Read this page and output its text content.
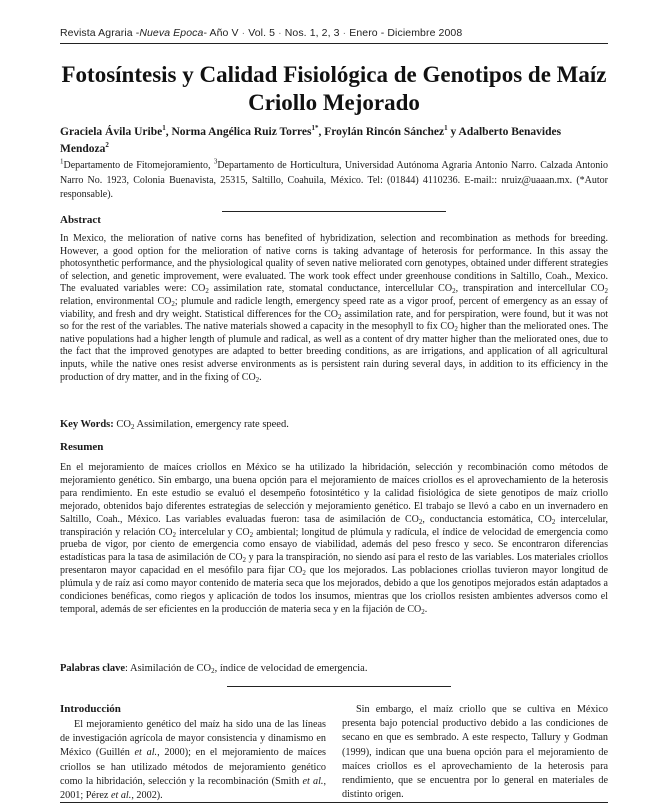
Revista Agraria -Nueva Epoca- Año V · Vol. 5 · Nos. 1, 2, 3 · Enero - Diciembre 2008
Fotosíntesis y Calidad Fisiológica de Genotipos de Maíz Criollo Mejorado
Graciela Ávila Uribe$^1$, Norma Angélica Ruiz Torres$^{1*}$, Froylán Rincón Sánchez$^1$ y Adalberto Benavides Mendoza$^2$
$^1$Departamento de Fitomejoramiento, $^3$Departamento de Horticultura, Universidad Autónoma Agraria Antonio Narro. Calzada Antonio Narro No. 1923, Colonia Buenavista, 25315, Saltillo, Coahuila, México. Tel: (01844) 4110236. E-mail:: nruiz@uaaan.mx. (*Autor responsable).
Abstract

In Mexico, the melioration of native corns has benefited of hybridization, selection and recombination as methods for breeding. However, a good option for the melioration of native corns is taking advantage of heterosis for performance. In this assay the photosynthetic performance, and the physiological quality of seven native meliorated corn genotypes, obtained under different strategies of selection, and genetic improvement, were evaluated. The work took effect under greenhouse conditions in Saltillo, Coah., Mexico. The evaluated variables were: $CO_2$ assimilation rate, stomatal conductance, intercellular $CO_2$, transpiration and intercellular $CO_2$ relation, environmental $CO_2$; plumule and radicle length, emergency speed rate as a vigor proof, percent of emergency as an essay of viability, and fresh and dry weight. Statistical differences for the $CO_2$ assimilation rate, and for perspiration, were found, but it was not so for the rest of the variables. The native materials showed a capacity in the mesophyll to fix $CO_2$ higher than the meliorated ones. The native populations had a higher length of plumule and radical, as well as a content of dry matter higher than the meliorated ones, due to the fact that the improved genotypes are adapted to better breeding conditions, as are irrigations, and application of all agricultural inputs, while the native ones resist adverse environments as is persistent rain during several days, in addition to its efficiency in the production of dry matter, and in the fixing of $CO_2$.

Key Words: $CO_2$ Assimilation, emergency rate speed.
Resumen

En el mejoramiento de maíces criollos en México se ha utilizado la hibridación, selección y recombinación como métodos de mejoramiento genético. Sin embargo, una buena opción para el mejoramiento de maíces criollos es el aprovechamiento de la heterosis para rendimiento. En este estudio se evaluó el desempeño fotosintético y la calidad fisiológica de siete genotipos de maíz criollo mejorado, obtenidos bajo diferentes estrategias de selección y mejoramiento genético. El trabajo se llevó a cabo en un invernadero en Saltillo, Coah., México. Las variables evaluadas fueron: tasa de asimilación de $CO_2$, conductancia estomática, $CO_2$ intercelular, transpiración y relación $CO_2$ intercelular y $CO_2$ ambiental; longitud de plúmula y radícula, el índice de velocidad de emergencia como prueba de vigor, por ciento de emergencia como ensayo de viabilidad, además del peso fresco y seco. Se encontraron diferencias estadísticas para la tasa de asimilación de $CO_2$ y para la transpiración, no siendo así para el resto de las variables. Los materiales criollos presentaron mayor capacidad en el mesófilo para fijar $CO_2$ que los mejorados. Las poblaciones criollas tuvieron mayor longitud de plúmula y de raíz así como mayor contenido de materia seca que los mejorados, debido a que los genotipos mejorados están adaptados a condiciones benéficas, como riegos y aplicación de todos los insumos, mientras que los criollos resisten ambientes adversos como el temporal, además de ser eficientes en la producción de materia seca y en la fijación de $CO_2$.

Palabras clave: Asimilación de $CO_2$, índice de velocidad de emergencia.
Introducción

El mejoramiento genético del maíz ha sido una de las líneas de investigación agrícola de mayor consistencia y dinamismo en México (Guillén et al., 2000); en el mejoramiento de maíces criollos se han utilizado métodos de mejoramiento genético como la hibridación, selección y la recombinación (Smith et al., 2001; Pérez et al., 2002).

Sin embargo, el maíz criollo que se cultiva en México presenta bajo potencial productivo debido a las condiciones de secano en que es sembrado. A este respecto, Tallury y Godman (1999), indican que una buena opción para el mejoramiento de maíces criollos es el aprovechamiento de la heterosis para rendimiento, que se encuentra por lo general en materiales de distinto origen.
